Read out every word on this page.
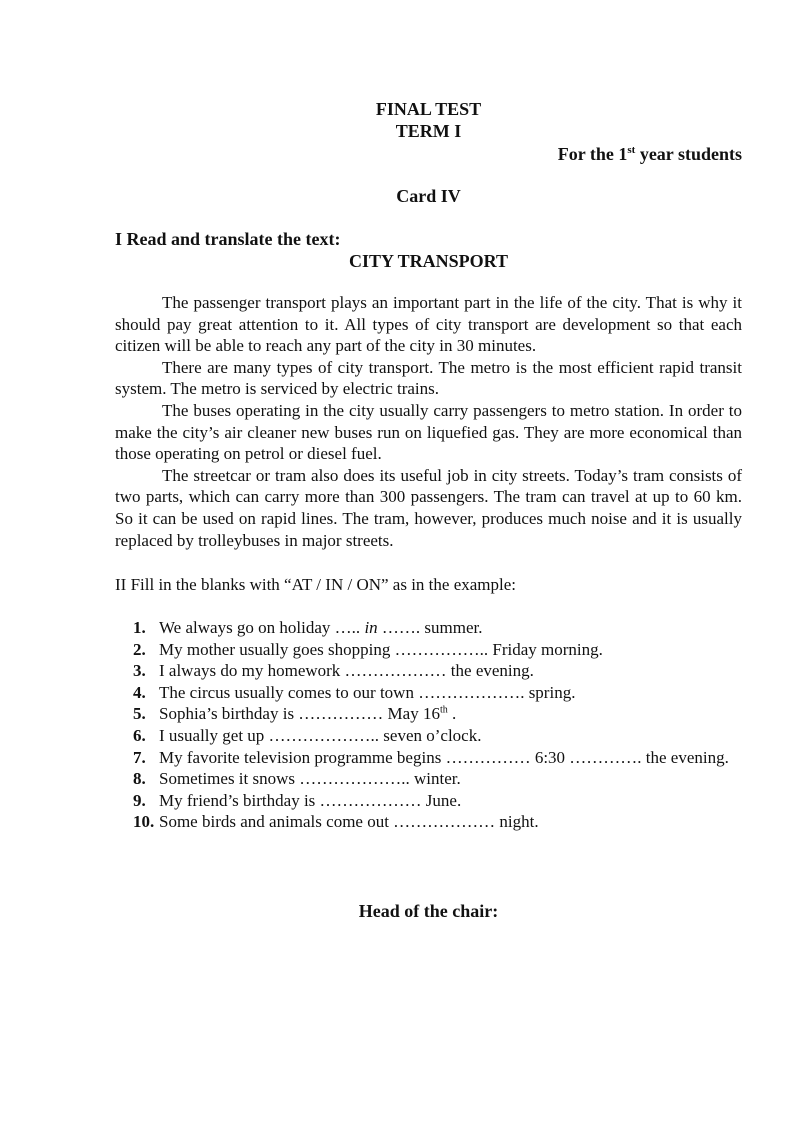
FINAL TEST
TERM I
For the 1st year students
Card IV
I Read and translate the text:
CITY TRANSPORT

The passenger transport plays an important part in the life of the city. That is why it should pay great attention to it. All types of city transport are development so that each citizen will be able to reach any part of the city in 30 minutes.

There are many types of city transport. The metro is the most efficient rapid transit system. The metro is serviced by electric trains.

The buses operating in the city usually carry passengers to metro station. In order to make the city’s air cleaner new buses run on liquefied gas. They are more economical than those operating on petrol or diesel fuel.

The streetcar or tram also does its useful job in city streets. Today’s tram consists of two parts, which can carry more than 300 passengers. The tram can travel at up to 60 km. So it can be used on rapid lines. The tram, however, produces much noise and it is usually replaced by trolleybuses in major streets.

II Fill in the blanks with “AT / IN / ON” as in the example:
1. We always go on holiday ….. in ……. summer.
2. My mother usually goes shopping …………….. Friday morning.
3. I always do my homework ……………… the evening.
4. The circus usually comes to our town ………………. spring.
5. Sophia’s birthday is …………… May 16th .
6. I usually get up ……………….. seven o’clock.
7. My favorite television programme begins …………… 6:30 …………. the evening.
8. Sometimes it snows ……………….. winter.
9. My friend’s birthday is ……………… June.
10. Some birds and animals come out ……………… night.
Head of the chair:
